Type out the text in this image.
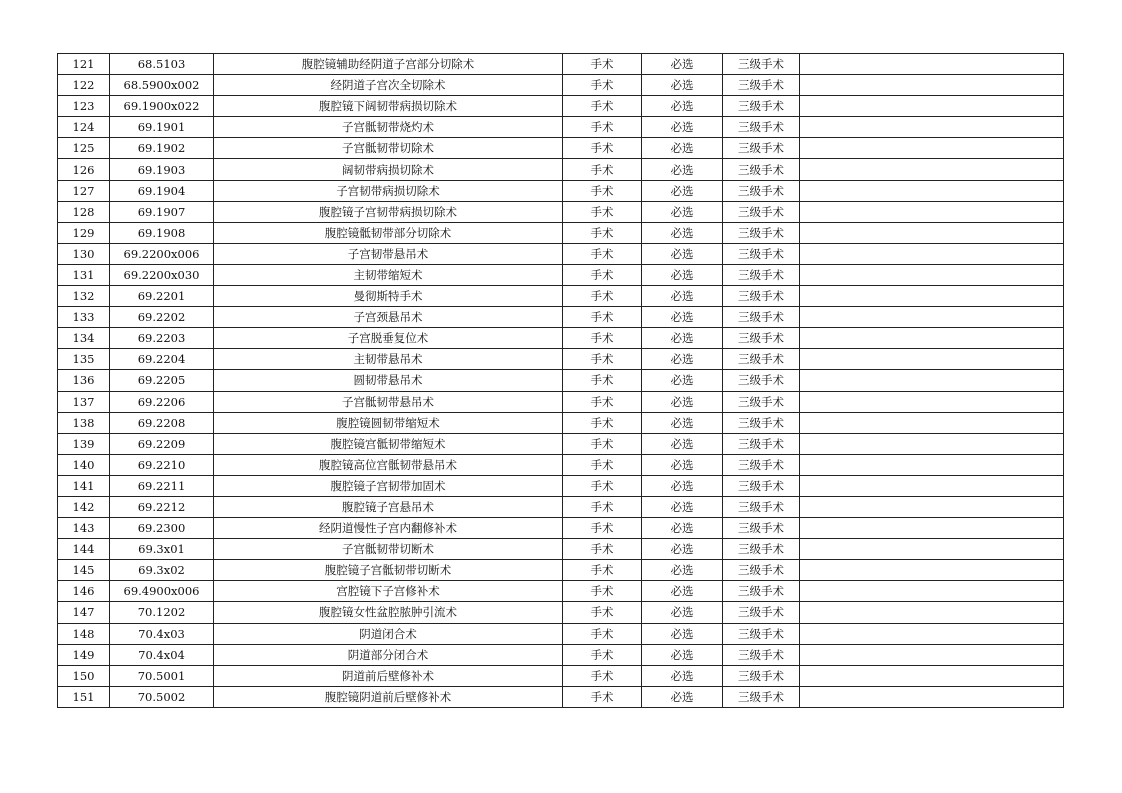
121	68.5103	腹腔镜辅助经阴道子宫部分切除术	手术	必选	三级手术	
122	68.5900x002	经阴道子宫次全切除术	手术	必选	三级手术	
123	69.1900x022	腹腔镜下阔韧带病损切除术	手术	必选	三级手术	
124	69.1901	子宫骶韧带烧灼术	手术	必选	三级手术	
125	69.1902	子宫骶韧带切除术	手术	必选	三级手术	
126	69.1903	阔韧带病损切除术	手术	必选	三级手术	
127	69.1904	子宫韧带病损切除术	手术	必选	三级手术	
128	69.1907	腹腔镜子宫韧带病损切除术	手术	必选	三级手术	
129	69.1908	腹腔镜骶韧带部分切除术	手术	必选	三级手术	
130	69.2200x006	子宫韧带悬吊术	手术	必选	三级手术	
131	69.2200x030	主韧带缩短术	手术	必选	三级手术	
132	69.2201	曼彻斯特手术	手术	必选	三级手术	
133	69.2202	子宫颈悬吊术	手术	必选	三级手术	
134	69.2203	子宫脱垂复位术	手术	必选	三级手术	
135	69.2204	主韧带悬吊术	手术	必选	三级手术	
136	69.2205	圆韧带悬吊术	手术	必选	三级手术	
137	69.2206	子宫骶韧带悬吊术	手术	必选	三级手术	
138	69.2208	腹腔镜圆韧带缩短术	手术	必选	三级手术	
139	69.2209	腹腔镜宫骶韧带缩短术	手术	必选	三级手术	
140	69.2210	腹腔镜高位宫骶韧带悬吊术	手术	必选	三级手术	
141	69.2211	腹腔镜子宫韧带加固术	手术	必选	三级手术	
142	69.2212	腹腔镜子宫悬吊术	手术	必选	三级手术	
143	69.2300	经阴道慢性子宫内翻修补术	手术	必选	三级手术	
144	69.3x01	子宫骶韧带切断术	手术	必选	三级手术	
145	69.3x02	腹腔镜子宫骶韧带切断术	手术	必选	三级手术	
146	69.4900x006	宫腔镜下子宫修补术	手术	必选	三级手术	
147	70.1202	腹腔镜女性盆腔脓肿引流术	手术	必选	三级手术	
148	70.4x03	阴道闭合术	手术	必选	三级手术	
149	70.4x04	阴道部分闭合术	手术	必选	三级手术	
150	70.5001	阴道前后壁修补术	手术	必选	三级手术	
151	70.5002	腹腔镜阴道前后壁修补术	手术	必选	三级手术	
